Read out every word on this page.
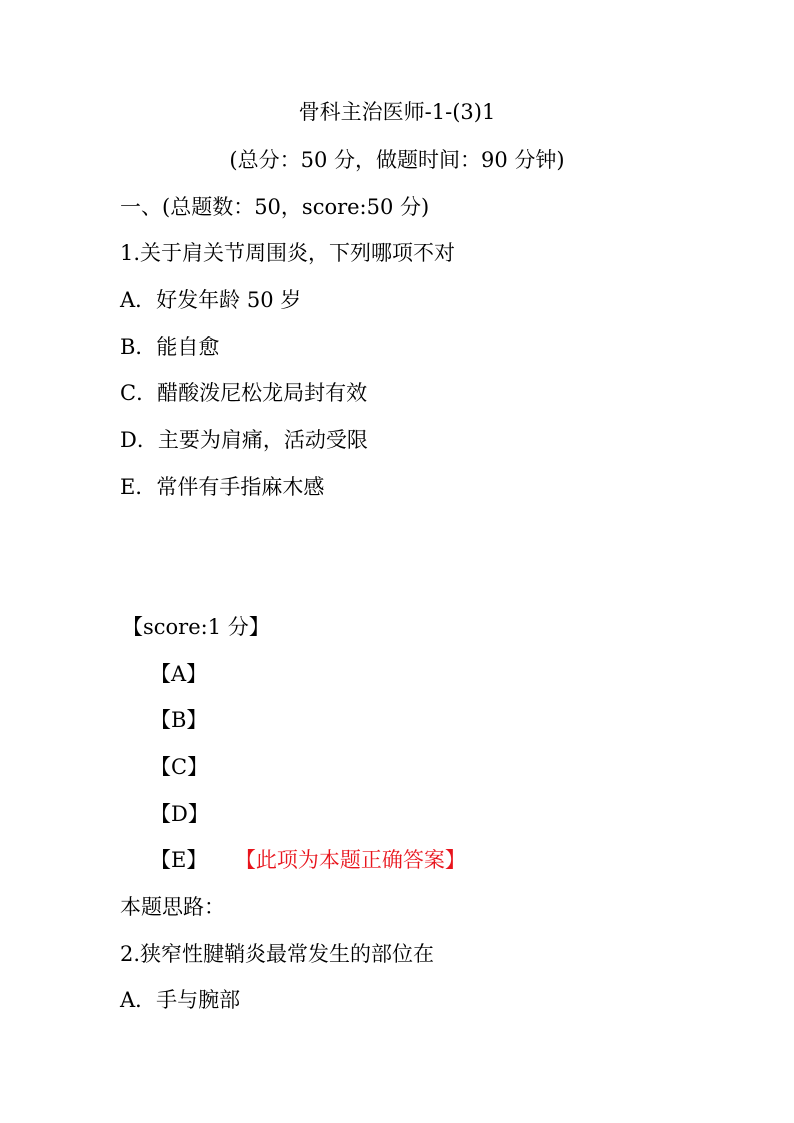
骨科主治医师-1-(3)1
(总分：50 分，做题时间：90 分钟)
一、(总题数：50，score:50 分)
1.关于肩关节周围炎，下列哪项不对
A．好发年龄 50 岁
B．能自愈
C．醋酸泼尼松龙局封有效
D．主要为肩痛，活动受限
E．常伴有手指麻木感
【score:1 分】
【A】
【B】
【C】
【D】
【E】 【此项为本题正确答案】
本题思路：
2.狭窄性腱鞘炎最常发生的部位在
A．手与腕部
